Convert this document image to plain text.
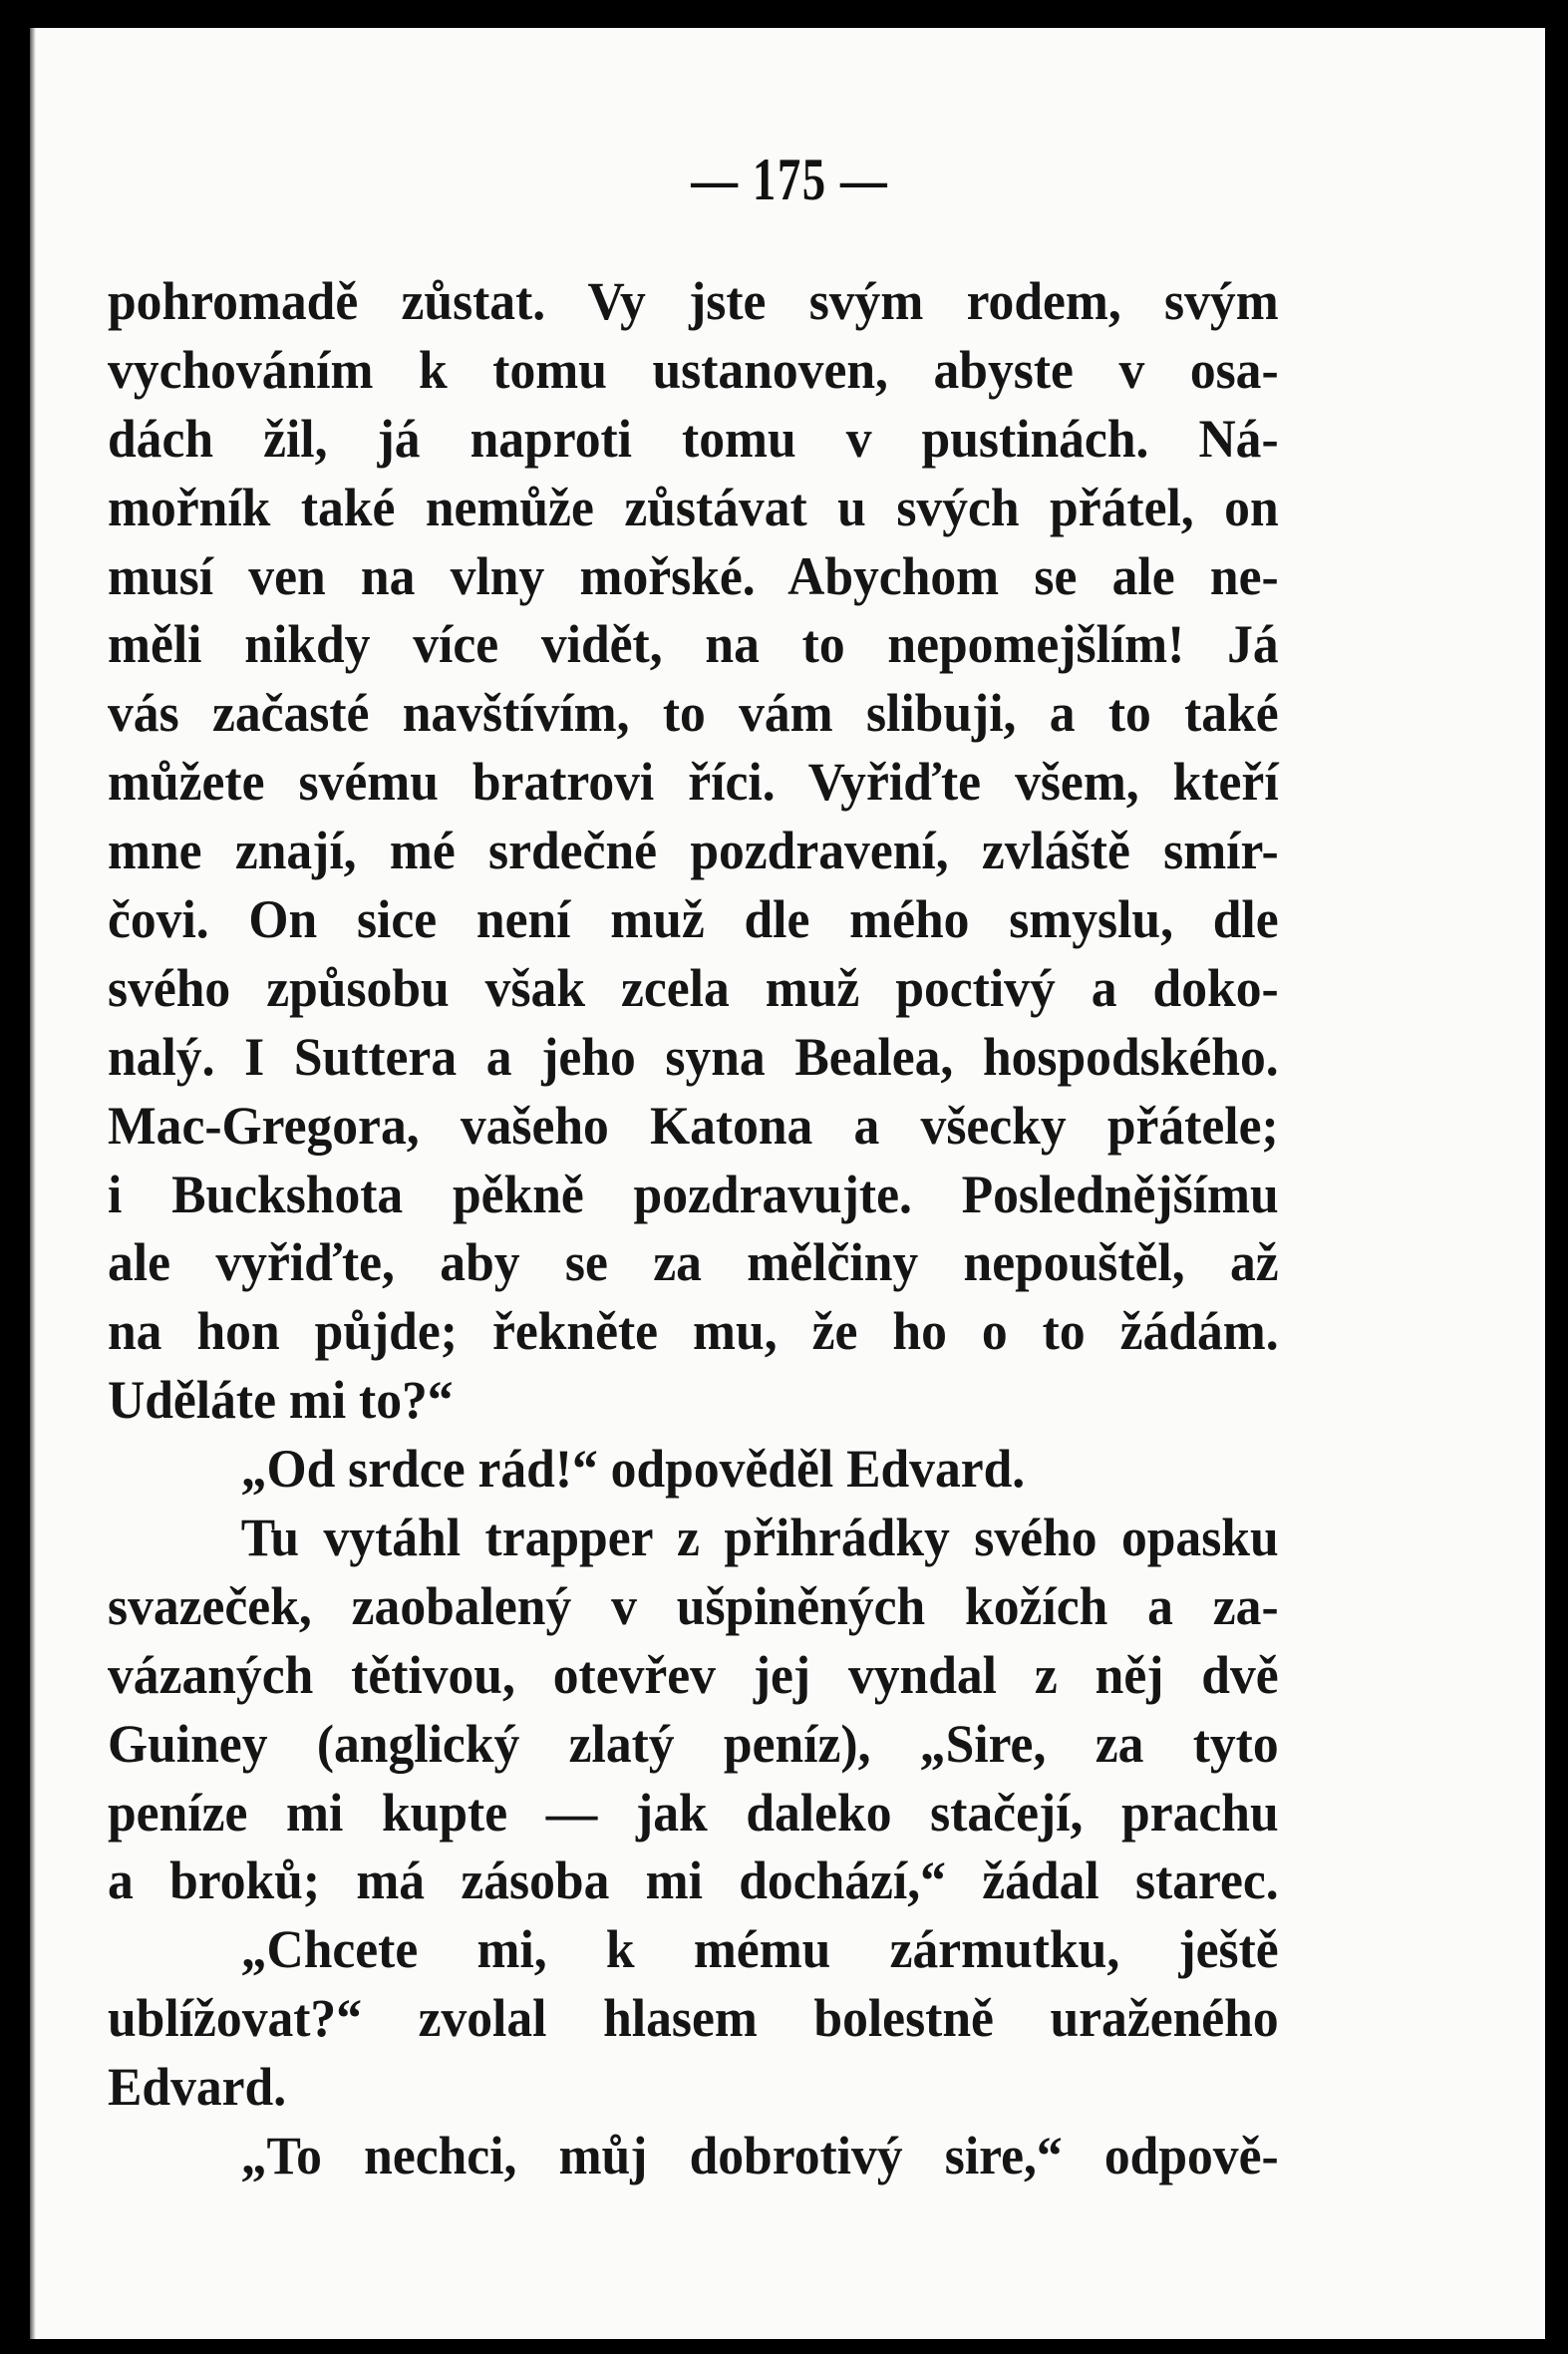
— 175 —
pohromadě zůstat. Vy jste svým rodem, svým
vychováním k tomu ustanoven, abyste v osa-
dách žil, já naproti tomu v pustinách. Ná-
mořník také nemůže zůstávat u svých přátel, on
musí ven na vlny mořské. Abychom se ale ne-
měli nikdy více vidět, na to nepomejšlím! Já
vás začasté navštívím, to vám slibuji, a to také
můžete svému bratrovi říci. Vyřiďte všem, kteří
mne znají, mé srdečné pozdravení, zvláště smír-
čovi. On sice není muž dle mého smyslu, dle
svého způsobu však zcela muž poctivý a doko-
nalý. I Suttera a jeho syna Bealea, hospodského.
Mac-Gregora, vašeho Katona a všecky přátele;
i Buckshota pěkně pozdravujte. Poslednějšímu
ale vyřiďte, aby se za mělčiny nepouštěl, až
na hon půjde; řekněte mu, že ho o to žádám.
Uděláte mi to?“
„Od srdce rád!“ odpověděl Edvard.
Tu vytáhl trapper z přihrádky svého opasku
svazeček, zaobalený v ušpiněných kožích a za-
vázaných tětivou, otevřev jej vyndal z něj dvě
Guiney (anglický zlatý peníz), „Sire, za tyto
peníze mi kupte — jak daleko stačejí, prachu
a broků; má zásoba mi dochází,“ žádal starec.
„Chcete mi, k mému zármutku, ještě
ublížovat?“ zvolal hlasem bolestně uraženého
Edvard.
„To nechci, můj dobrotivý sire,“ odpově-
